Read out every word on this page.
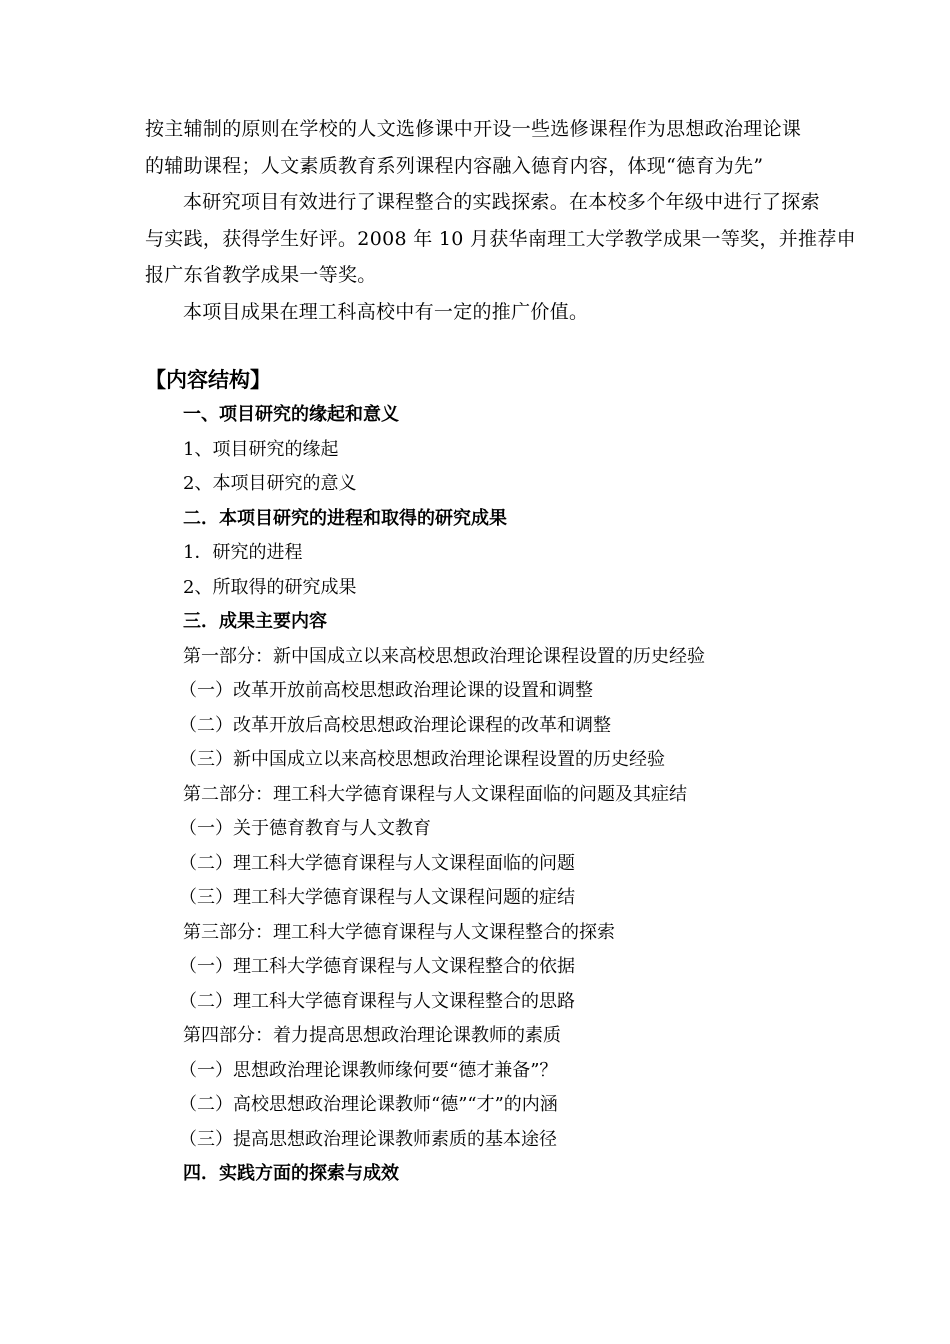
按主辅制的原则在学校的人文选修课中开设一些选修课程作为思想政治理论课
的辅助课程；人文素质教育系列课程内容融入德育内容，体现“德育为先”
本研究项目有效进行了课程整合的实践探索。在本校多个年级中进行了探索
与实践，获得学生好评。2008 年 10 月获华南理工大学教学成果一等奖，并推荐申
报广东省教学成果一等奖。
本项目成果在理工科高校中有一定的推广价值。
【内容结构】
一、项目研究的缘起和意义
1、项目研究的缘起
2、本项目研究的意义
二．本项目研究的进程和取得的研究成果
1．研究的进程
2、所取得的研究成果
三．成果主要内容
第一部分：新中国成立以来高校思想政治理论课程设置的历史经验
（一）改革开放前高校思想政治理论课的设置和调整
（二）改革开放后高校思想政治理论课程的改革和调整
（三）新中国成立以来高校思想政治理论课程设置的历史经验
第二部分：理工科大学德育课程与人文课程面临的问题及其症结
（一）关于德育教育与人文教育
（二）理工科大学德育课程与人文课程面临的问题
（三）理工科大学德育课程与人文课程问题的症结
第三部分：理工科大学德育课程与人文课程整合的探索
（一）理工科大学德育课程与人文课程整合的依据
（二）理工科大学德育课程与人文课程整合的思路
第四部分：着力提高思想政治理论课教师的素质
（一）思想政治理论课教师缘何要“德才兼备”？
（二）高校思想政治理论课教师“德”“才”的内涵
（三）提高思想政治理论课教师素质的基本途径
四．实践方面的探索与成效
